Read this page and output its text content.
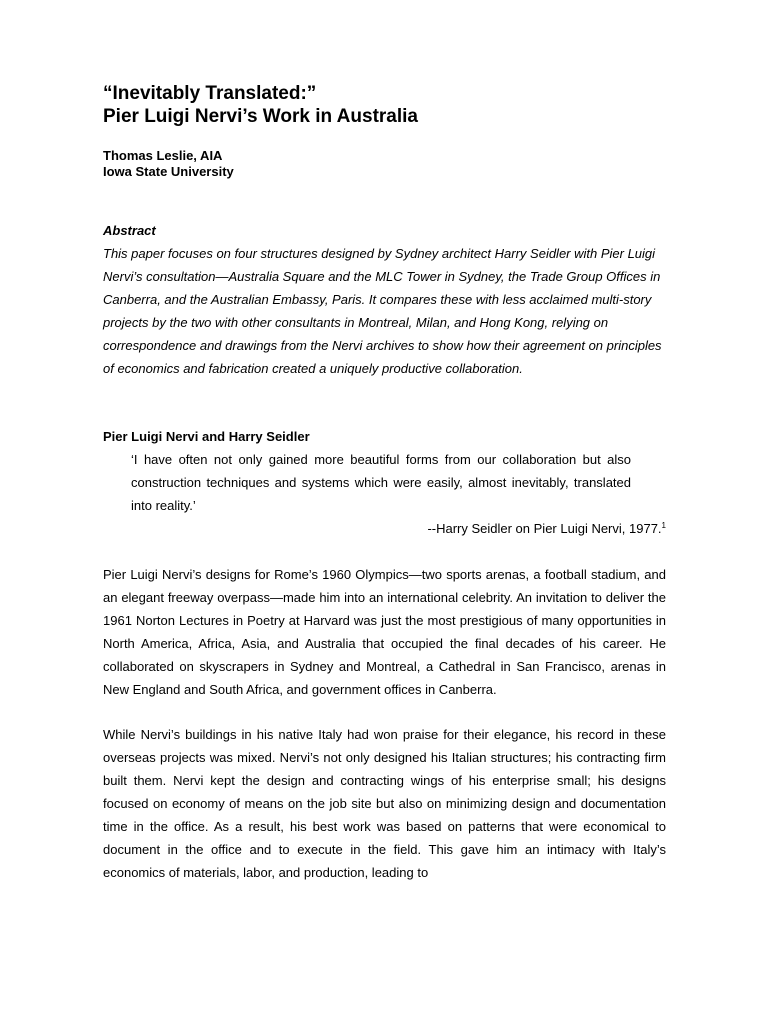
“Inevitably Translated:”
Pier Luigi Nervi’s Work in Australia
Thomas Leslie, AIA
Iowa State University
Abstract

This paper focuses on four structures designed by Sydney architect Harry Seidler with Pier Luigi Nervi’s consultation—Australia Square and the MLC Tower in Sydney, the Trade Group Offices in Canberra, and the Australian Embassy, Paris. It compares these with less acclaimed multi-story projects by the two with other consultants in Montreal, Milan, and Hong Kong, relying on correspondence and drawings from the Nervi archives to show how their agreement on principles of economics and fabrication created a uniquely productive collaboration.

Pier Luigi Nervi and Harry Seidler
‘I have often not only gained more beautiful forms from our collaboration but also construction techniques and systems which were easily, almost inevitably, translated into reality.’
--Harry Seidler on Pier Luigi Nervi, 1977.$^1$
Pier Luigi Nervi’s designs for Rome’s 1960 Olympics—two sports arenas, a football stadium, and an elegant freeway overpass—made him into an international celebrity. An invitation to deliver the 1961 Norton Lectures in Poetry at Harvard was just the most prestigious of many opportunities in North America, Africa, Asia, and Australia that occupied the final decades of his career. He collaborated on skyscrapers in Sydney and Montreal, a Cathedral in San Francisco, arenas in New England and South Africa, and government offices in Canberra.
While Nervi’s buildings in his native Italy had won praise for their elegance, his record in these overseas projects was mixed. Nervi’s not only designed his Italian structures; his contracting firm built them. Nervi kept the design and contracting wings of his enterprise small; his designs focused on economy of means on the job site but also on minimizing design and documentation time in the office. As a result, his best work was based on patterns that were economical to document in the office and to execute in the field. This gave him an intimacy with Italy’s economics of materials, labor, and production, leading to
